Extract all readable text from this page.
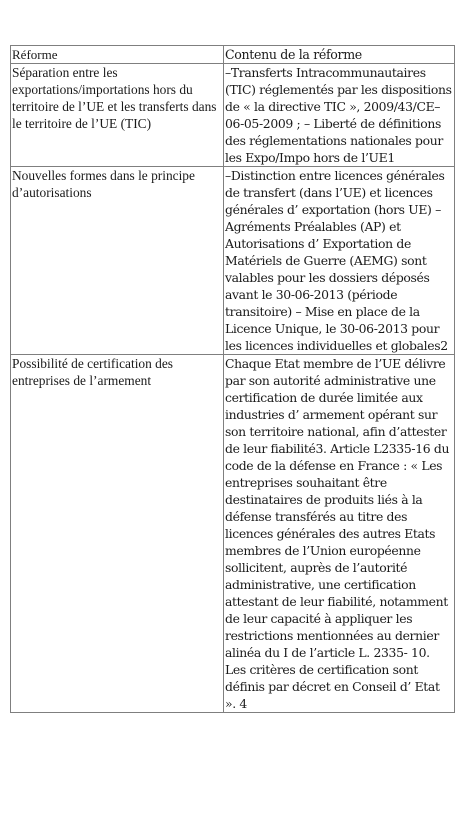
Réforme	Contenu de la réforme
Séparation entre les exportations/importations hors du territoire de l’UE et les transferts dans le territoire de l’UE (TIC)	–Transferts Intracommunautaires (TIC) réglementés par les dispositions de « la directive TIC », 2009/43/CE– 06-05-2009 ; – Liberté de définitions des réglementations nationales pour les Expo/Impo hors de l’UE1
Nouvelles formes dans le principe d’autorisations	–Distinction entre licences générales de transfert (dans l’UE) et licences générales d’ exportation (hors UE) –Agréments Préalables (AP) et Autorisations d’ Exportation de Matériels de Guerre (AEMG) sont valables pour les dossiers déposés avant le 30-06-2013 (période transitoire) – Mise en place de la Licence Unique, le 30-06-2013 pour les licences individuelles et globales2
Possibilité de certification des entreprises de l’armement	Chaque Etat membre de l’UE délivre par son autorité administrative une certification de durée limitée aux industries d’ armement opérant sur son territoire national, afin d’attester de leur fiabilité3. Article L2335-16 du code de la défense en France : « Les entreprises souhaitant être destinataires de produits liés à la défense transférés au titre des licences générales des autres Etats membres de l’Union européenne sollicitent, auprès de l’autorité administrative, une certification attestant de leur fiabilité, notamment de leur capacité à appliquer les restrictions mentionnées au dernier alinéa du I de l’article L. 2335- 10. Les critères de certification sont définis par décret en Conseil d’ Etat ». 4
